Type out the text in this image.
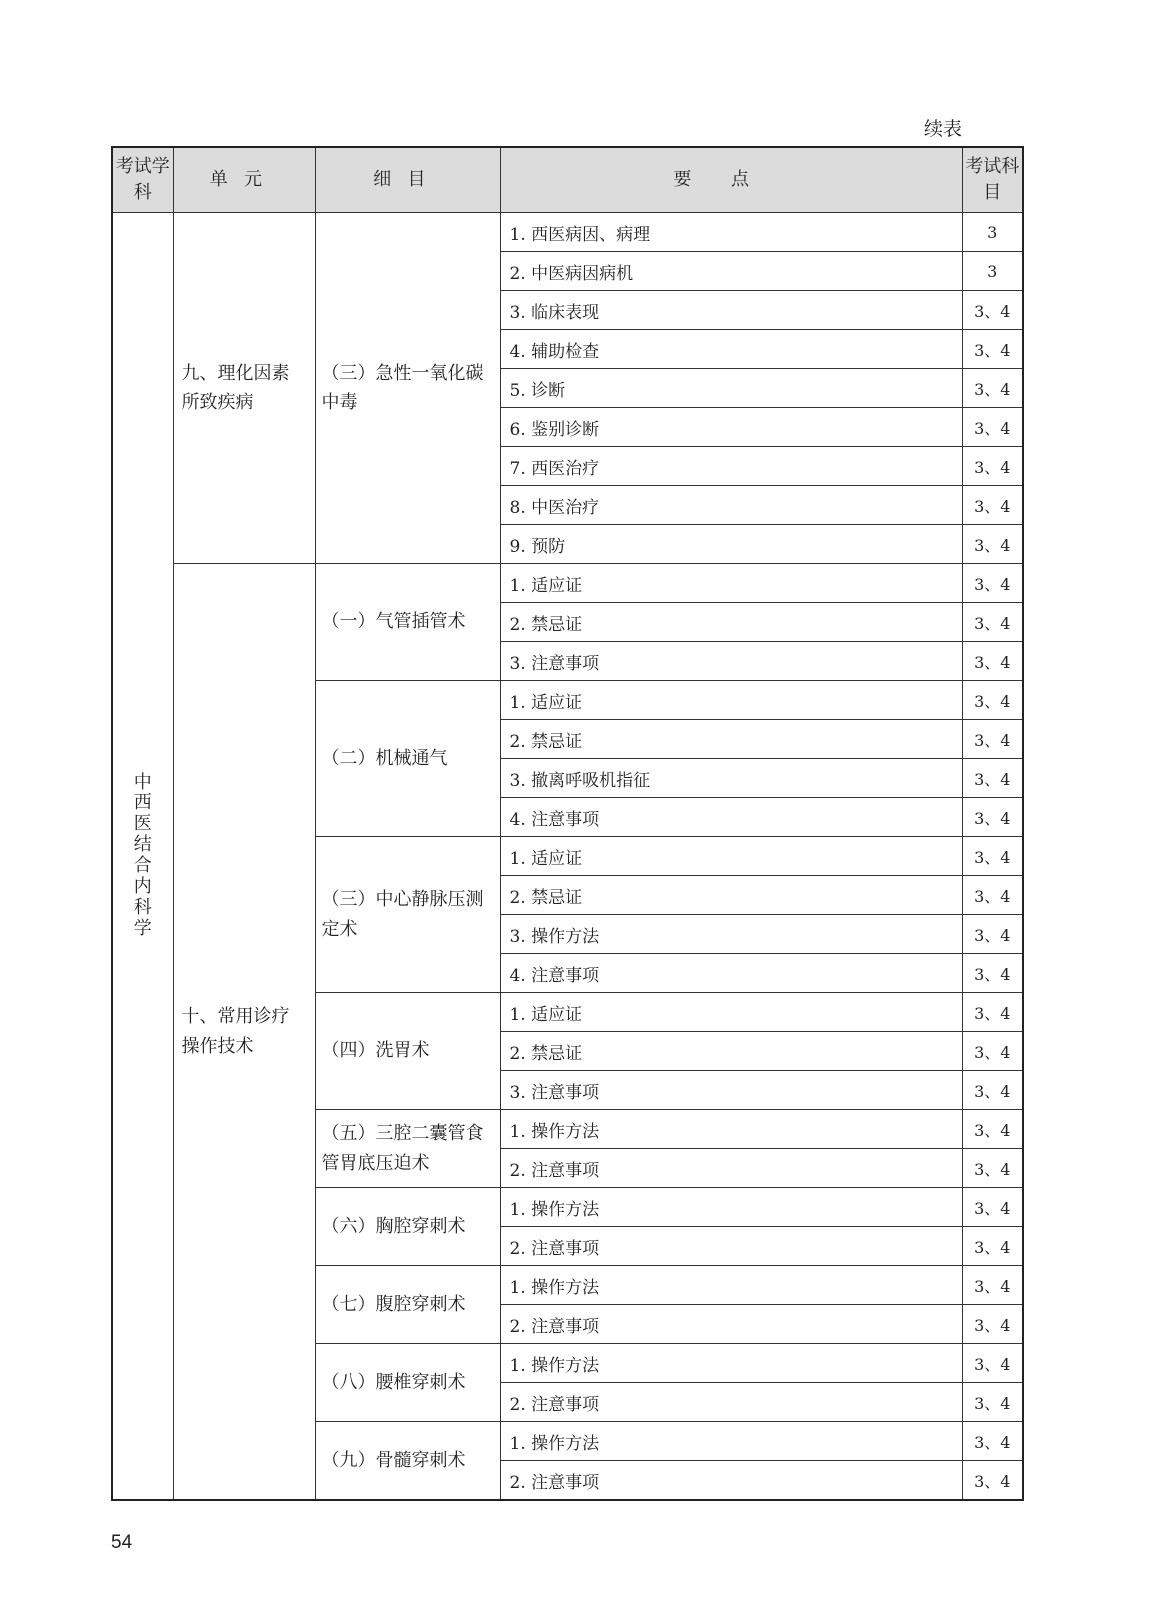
续表
考试学科	单元	细目	要点	考试科目
中西医结合内科学	九、理化因素所致疾病	（三）急性一氧化碳中毒	1. 西医病因、病理	3
			2. 中医病因病机	3
			3. 临床表现	3、4
			4. 辅助检查	3、4
			5. 诊断	3、4
			6. 鉴别诊断	3、4
			7. 西医治疗	3、4
			8. 中医治疗	3、4
			9. 预防	3、4
	十、常用诊疗操作技术	（一）气管插管术	1. 适应证	3、4
			2. 禁忌证	3、4
			3. 注意事项	3、4
		（二）机械通气	1. 适应证	3、4
			2. 禁忌证	3、4
			3. 撤离呼吸机指征	3、4
			4. 注意事项	3、4
		（三）中心静脉压测定术	1. 适应证	3、4
			2. 禁忌证	3、4
			3. 操作方法	3、4
			4. 注意事项	3、4
		（四）洗胃术	1. 适应证	3、4
			2. 禁忌证	3、4
			3. 注意事项	3、4
		（五）三腔二囊管食管胃底压迫术	1. 操作方法	3、4
			2. 注意事项	3、4
		（六）胸腔穿刺术	1. 操作方法	3、4
			2. 注意事项	3、4
		（七）腹腔穿刺术	1. 操作方法	3、4
			2. 注意事项	3、4
		（八）腰椎穿刺术	1. 操作方法	3、4
			2. 注意事项	3、4
		（九）骨髓穿刺术	1. 操作方法	3、4
			2. 注意事项	3、4
54
